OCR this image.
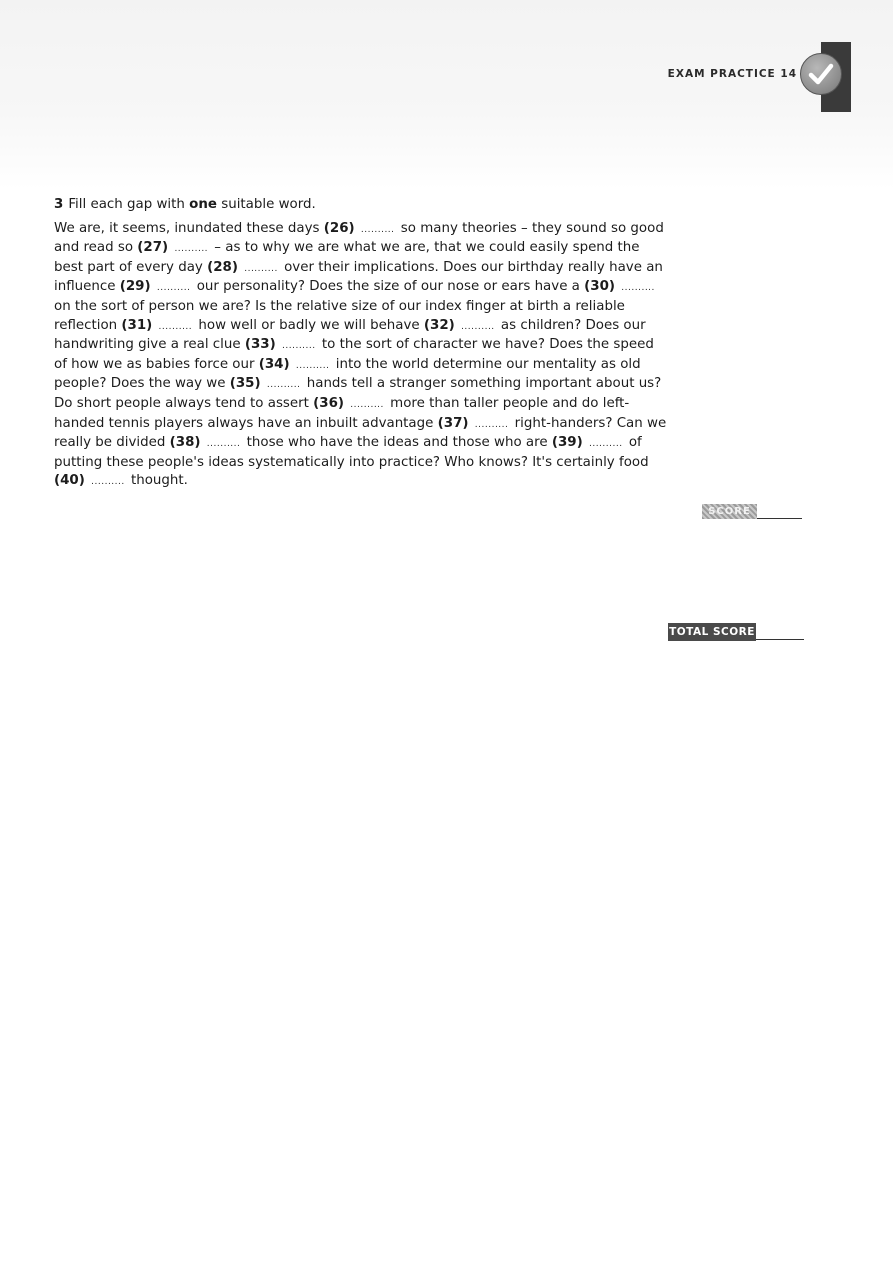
EXAM PRACTICE 14

3 Fill each gap with one suitable word.

We are, it seems, inundated these days (26) .......... so many theories – they sound so good and read so (27) .......... – as to why we are what we are, that we could easily spend the best part of every day (28) .......... over their implications. Does our birthday really have an influence (29) .......... our personality? Does the size of our nose or ears have a (30) .......... on the sort of person we are? Is the relative size of our index finger at birth a reliable reflection (31) .......... how well or badly we will behave (32) .......... as children? Does our handwriting give a real clue (33) .......... to the sort of character we have? Does the speed of how we as babies force our (34) .......... into the world determine our mentality as old people? Does the way we (35) .......... hands tell a stranger something important about us? Do short people always tend to assert (36) .......... more than taller people and do left-handed tennis players always have an inbuilt advantage (37) .......... right-handers? Can we really be divided (38) .......... those who have the ideas and those who are (39) .......... of putting these people's ideas systematically into practice? Who knows? It's certainly food (40) .......... thought.

SCORE
TOTAL SCORE
